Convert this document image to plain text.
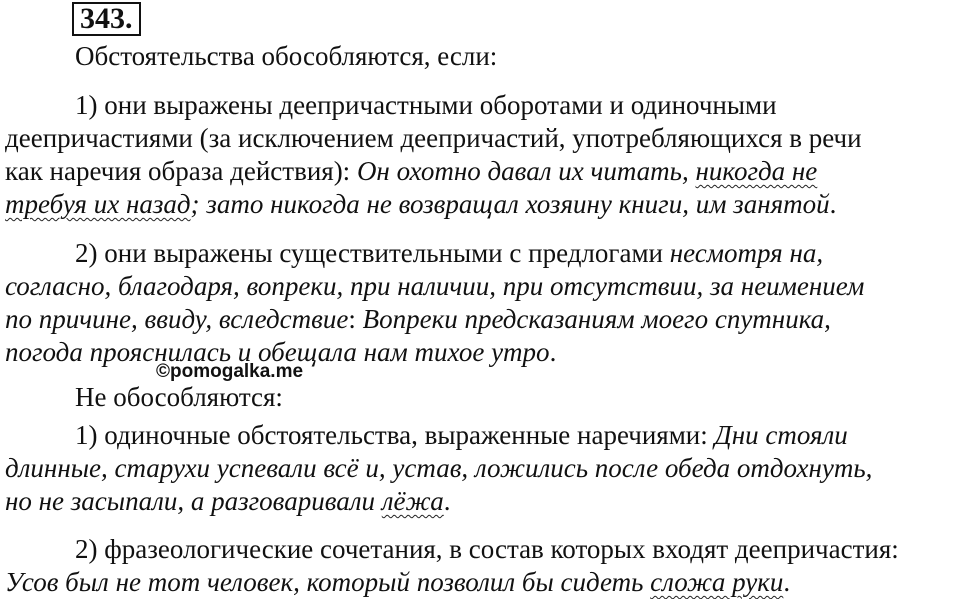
343.
Обстоятельства обособляются, если:
1) они выражены деепричастными оборотами и одиночными
деепричастиями (за исключением деепричастий, употребляющихся в речи
как наречия образа действия): Он охотно давал их читать, никогда не
требуя их назад; зато никогда не возвращал хозяину книги, им занятой.
2) они выражены существительными с предлогами несмотря на,
согласно, благодаря, вопреки, при наличии, при отсутствии, за неимением
по причине, ввиду, вследствие: Вопреки предсказаниям моего спутника,
погода прояснилась и обещала нам тихое утро.
©pomogalka.me
Не обособляются:
1) одиночные обстоятельства, выраженные наречиями: Дни стояли
длинные, старухи успевали всё и, устав, ложились после обеда отдохнуть,
но не засыпали, а разговаривали лёжа.
2) фразеологические сочетания, в состав которых входят деепричастия:
Усов был не тот человек, который позволил бы сидеть сложа руки.
